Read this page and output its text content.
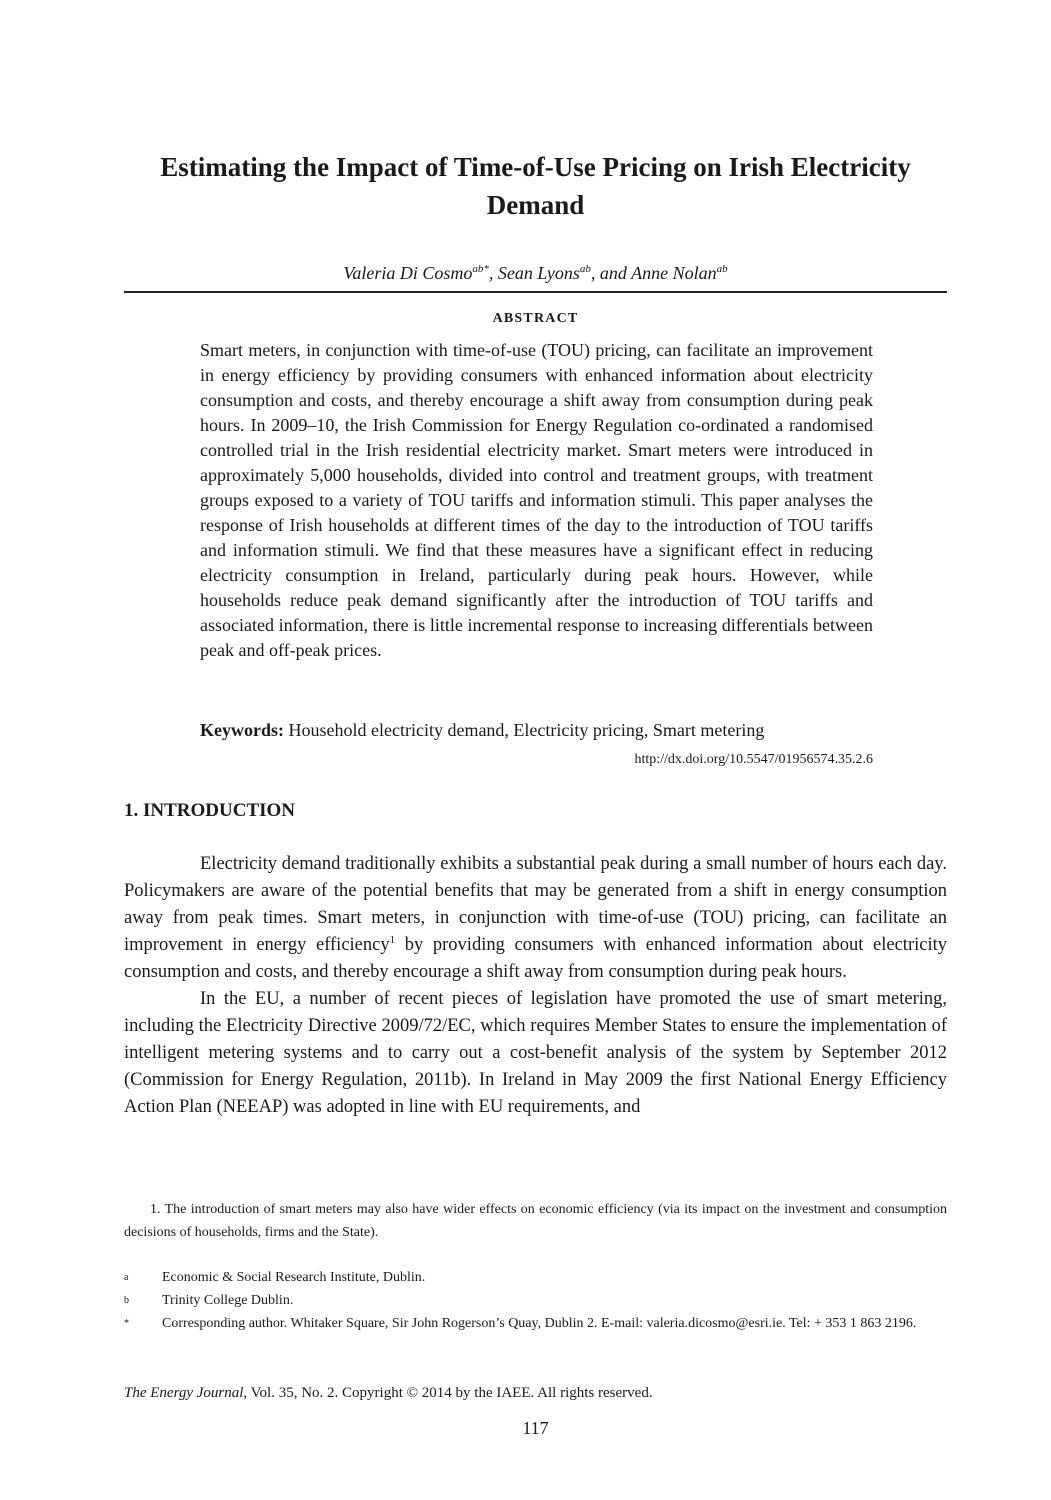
Estimating the Impact of Time-of-Use Pricing on Irish Electricity Demand
Valeria Di Cosmo$^{ab*}$, Sean Lyons$^{ab}$, and Anne Nolan$^{ab}$
ABSTRACT
Smart meters, in conjunction with time-of-use (TOU) pricing, can facilitate an improvement in energy efficiency by providing consumers with enhanced information about electricity consumption and costs, and thereby encourage a shift away from consumption during peak hours. In 2009–10, the Irish Commission for Energy Regulation co-ordinated a randomised controlled trial in the Irish residential electricity market. Smart meters were introduced in approximately 5,000 households, divided into control and treatment groups, with treatment groups exposed to a variety of TOU tariffs and information stimuli. This paper analyses the response of Irish households at different times of the day to the introduction of TOU tariffs and information stimuli. We find that these measures have a significant effect in reducing electricity consumption in Ireland, particularly during peak hours. However, while households reduce peak demand significantly after the introduction of TOU tariffs and associated information, there is little incremental response to increasing differentials between peak and off-peak prices.
Keywords: Household electricity demand, Electricity pricing, Smart metering
http://dx.doi.org/10.5547/01956574.35.2.6
1. INTRODUCTION

Electricity demand traditionally exhibits a substantial peak during a small number of hours each day. Policymakers are aware of the potential benefits that may be generated from a shift in energy consumption away from peak times. Smart meters, in conjunction with time-of-use (TOU) pricing, can facilitate an improvement in energy efficiency$^1$ by providing consumers with enhanced information about electricity consumption and costs, and thereby encourage a shift away from consumption during peak hours.

In the EU, a number of recent pieces of legislation have promoted the use of smart metering, including the Electricity Directive 2009/72/EC, which requires Member States to ensure the implementation of intelligent metering systems and to carry out a cost-benefit analysis of the system by September 2012 (Commission for Energy Regulation, 2011b). In Ireland in May 2009 the first National Energy Efficiency Action Plan (NEEAP) was adopted in line with EU requirements, and

1. The introduction of smart meters may also have wider effects on economic efficiency (via its impact on the investment and consumption decisions of households, firms and the State).

a	Economic & Social Research Institute, Dublin.
b	Trinity College Dublin.
*	Corresponding author. Whitaker Square, Sir John Rogerson’s Quay, Dublin 2. E-mail: valeria.dicosmo@esri.ie. Tel: + 353 1 863 2196.
The Energy Journal, Vol. 35, No. 2. Copyright © 2014 by the IAEE. All rights reserved.
117
